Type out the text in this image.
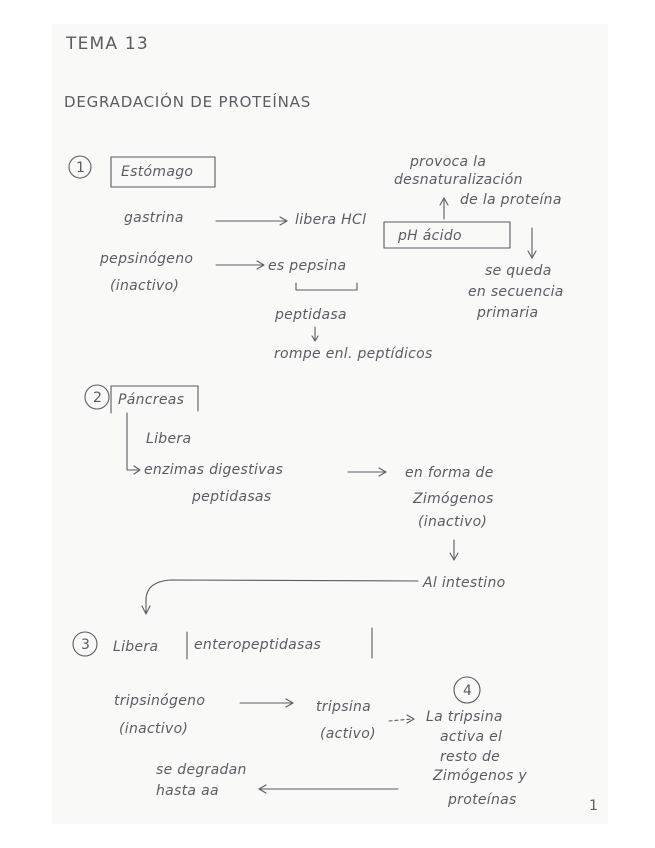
1
2
3
4
1
TEMA 13
DEGRADACIÓN DE PROTEÍNAS
Estómago
provoca la
desnaturalización
de la proteína
gastrina	libera HCl
pH ácido
pepsinógeno	es pepsina	se queda
(inactivo)	en secuencia
peptidasa	primaria
rompe enl. peptídicos
Páncreas
Libera
enzimas digestivas	en forma de
peptidasas	Zimógenos
(inactivo)
Al intestino
Libera	enteropeptidasas
tripsinógeno	tripsina
La tripsina
(inactivo)	(activo)	activa el
resto de
se degradan	Zimógenos y
hasta aa
proteínas
